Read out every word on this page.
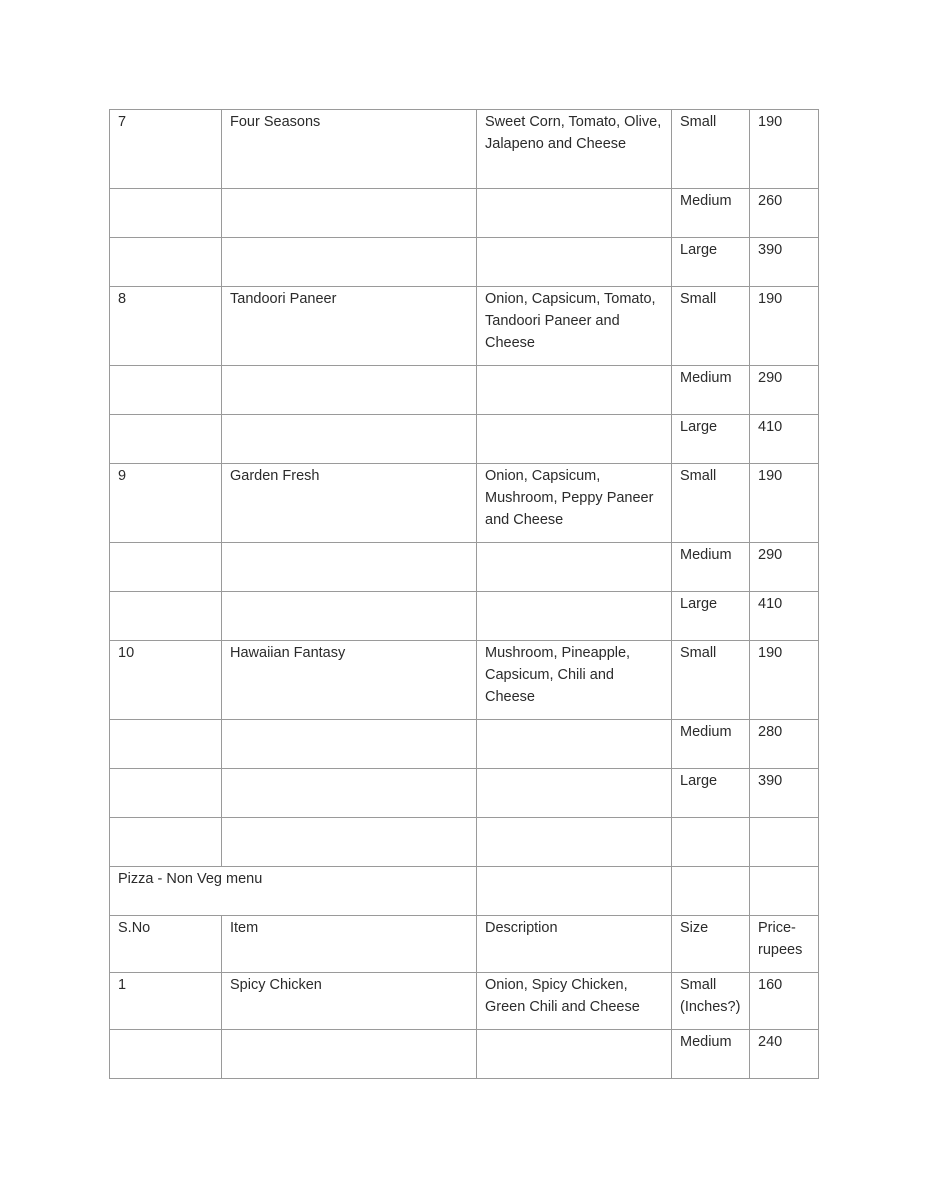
7	Four Seasons	Sweet Corn, Tomato, Olive, Jalapeno and Cheese	Small	190
			Medium	260
			Large	390
8	Tandoori Paneer	Onion, Capsicum, Tomato, Tandoori Paneer and Cheese	Small	190
			Medium	290
			Large	410
9	Garden Fresh	Onion, Capsicum, Mushroom, Peppy Paneer and Cheese	Small	190
			Medium	290
			Large	410
10	Hawaiian Fantasy	Mushroom, Pineapple, Capsicum, Chili and Cheese	Small	190
			Medium	280
			Large	390

Pizza - Non Veg menu				
S.No	Item	Description	Size	Price-rupees
1	Spicy Chicken	Onion, Spicy Chicken, Green Chili and Cheese	Small (Inches?)	160
			Medium	240
